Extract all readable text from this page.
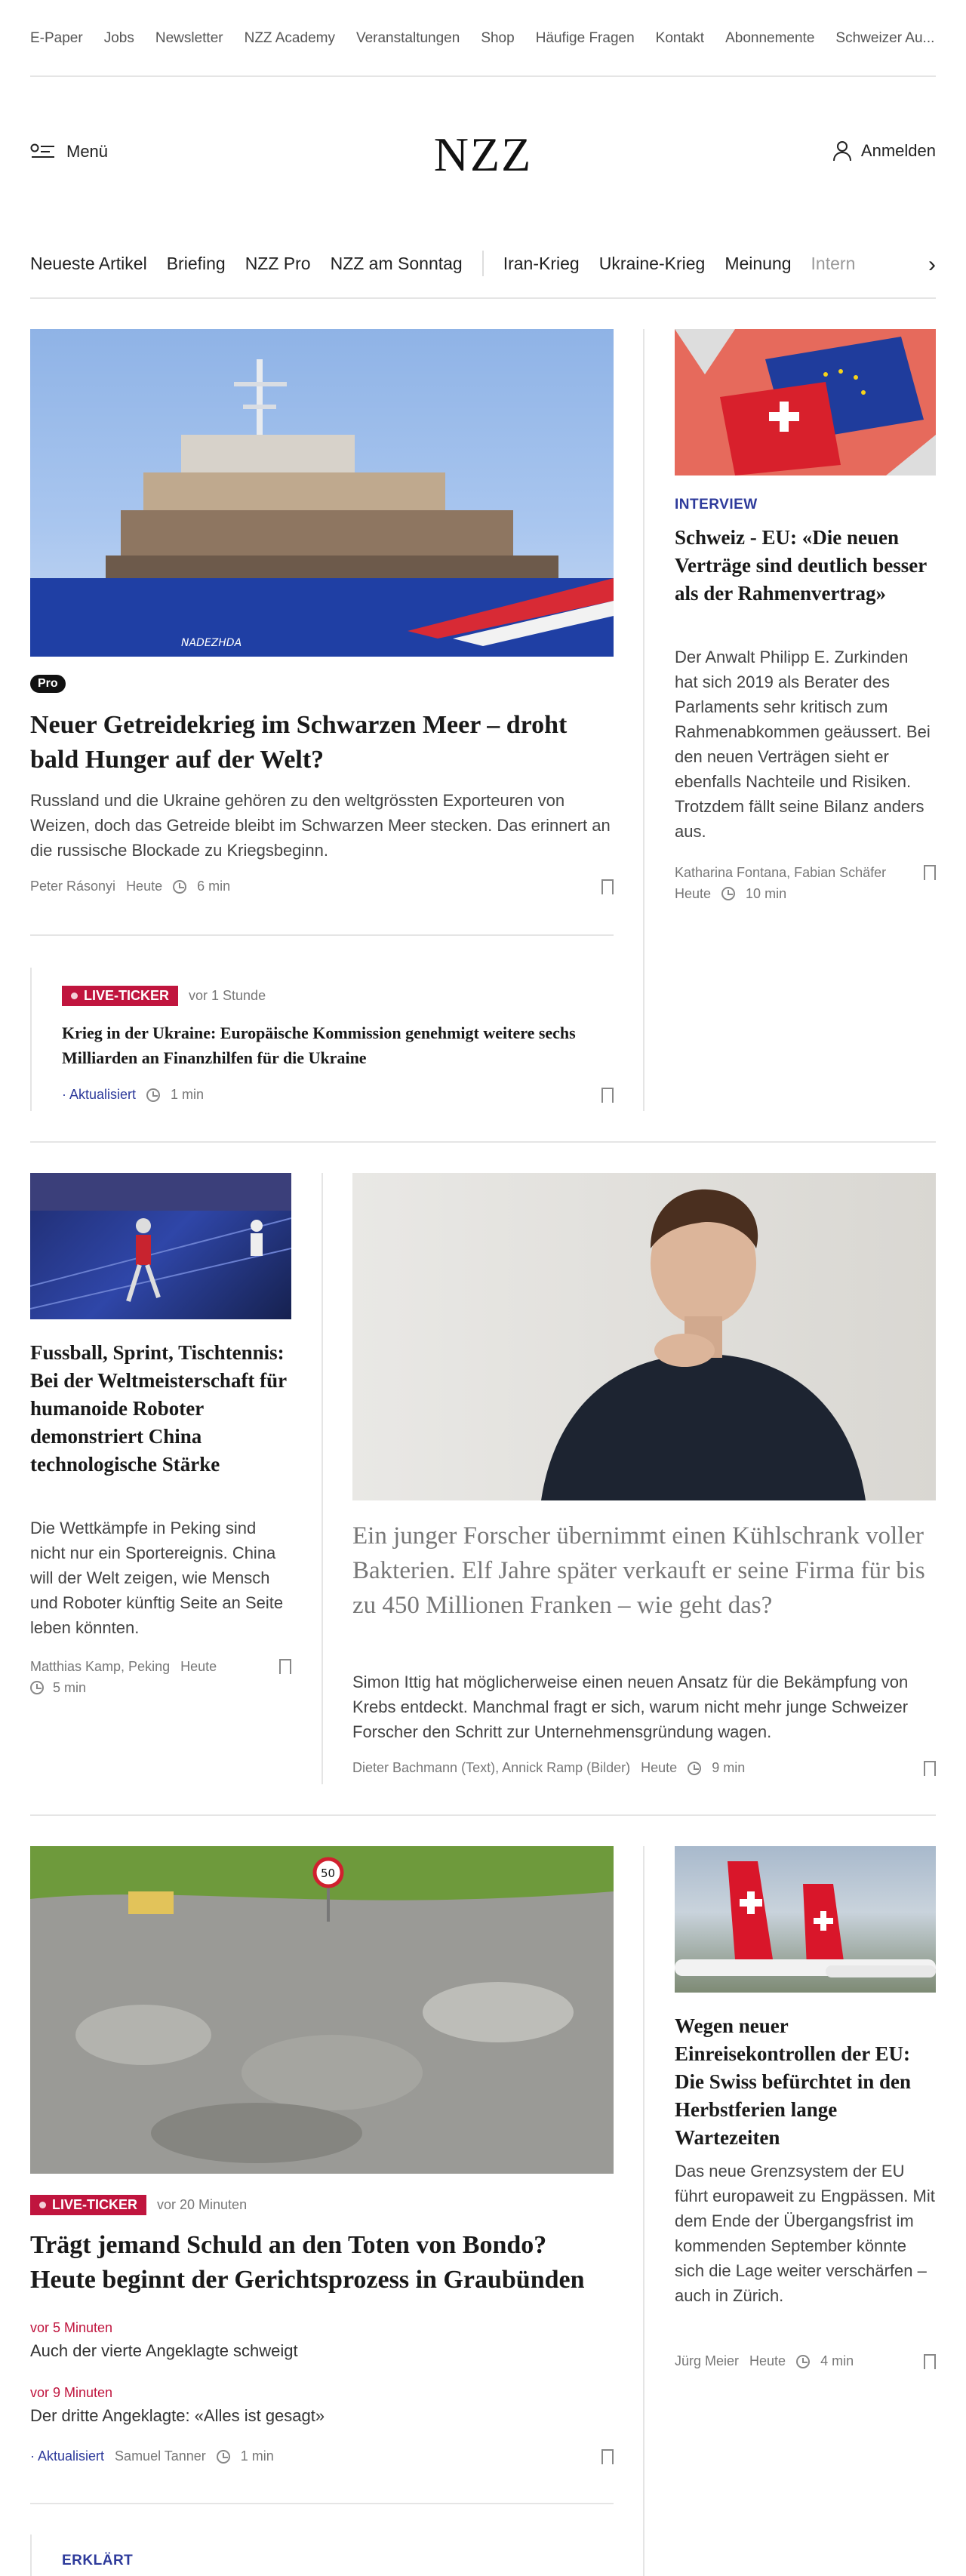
E-Paper Jobs Newsletter NZZ Academy Veranstaltungen Shop Häufige Fragen Kontakt Abonnemente Schweizer Au...
Menü	NZZ	Anmelden
Neueste Artikel Briefing NZZ Pro NZZ am Sonntag Iran-Krieg Ukraine-Krieg Meinung Intern	›
NADEZHDA
Pro
Neuer Getreidekrieg im Schwarzen Meer – droht bald Hunger auf der Welt?

Russland und die Ukraine gehören zu den weltgrössten Exporteuren von Weizen, doch das Getreide bleibt im Schwarzen Meer stecken. Das erinnert an die russische Blockade zu Kriegsbeginn.

Peter Rásonyi Heute	6 min
LIVE-TICKER vor 1 Stunde
Krieg in der Ukraine: Europäische Kommission genehmigt weitere sechs Milliarden an Finanzhilfen für die Ukraine
· Aktualisiert	1 min
INTERVIEW
Schweiz - EU: «Die neuen Verträge sind deutlich besser als der Rahmenvertrag»

Der Anwalt Philipp E. Zurkinden hat sich 2019 als Berater des Parlaments sehr kritisch zum Rahmenabkommen geäussert. Bei den neuen Verträgen sieht er ebenfalls Nachteile und Risiken. Trotzdem fällt seine Bilanz anders aus.

Katharina Fontana, Fabian Schäfer
Heute	10 min
Fussball, Sprint, Tischtennis: Bei der Weltmeisterschaft für humanoide Roboter demonstriert China technologische Stärke

Die Wettkämpfe in Peking sind nicht nur ein Sportereignis. China will der Welt zeigen, wie Mensch und Roboter künftig Seite an Seite leben könnten.

Matthias Kamp, Peking Heute
5 min
Ein junger Forscher übernimmt einen Kühlschrank voller Bakterien. Elf Jahre später verkauft er seine Firma für bis zu 450 Millionen Franken – wie geht das?

Simon Ittig hat möglicherweise einen neuen Ansatz für die Bekämpfung von Krebs entdeckt. Manchmal fragt er sich, warum nicht mehr junge Schweizer Forscher den Schritt zur Unternehmensgründung wagen.

Dieter Bachmann (Text), Annick Ramp (Bilder) Heute	9 min
50
LIVE-TICKER vor 20 Minuten
Trägt jemand Schuld an den Toten von Bondo? Heute beginnt der Gerichtsprozess in Graubünden
vor 5 Minuten
Auch der vierte Angeklagte schweigt
vor 9 Minuten
Der dritte Angeklagte: «Alles ist gesagt»
· Aktualisiert Samuel Tanner	1 min
ERKLÄRT
Wegen neuer Einreisekontrollen der EU: Die Swiss befürchtet in den Herbstferien lange Wartezeiten

Das neue Grenzsystem der EU führt europaweit zu Engpässen. Mit dem Ende der Übergangsfrist im kommenden September könnte sich die Lage weiter verschärfen – auch in Zürich.

Jürg Meier Heute	4 min
